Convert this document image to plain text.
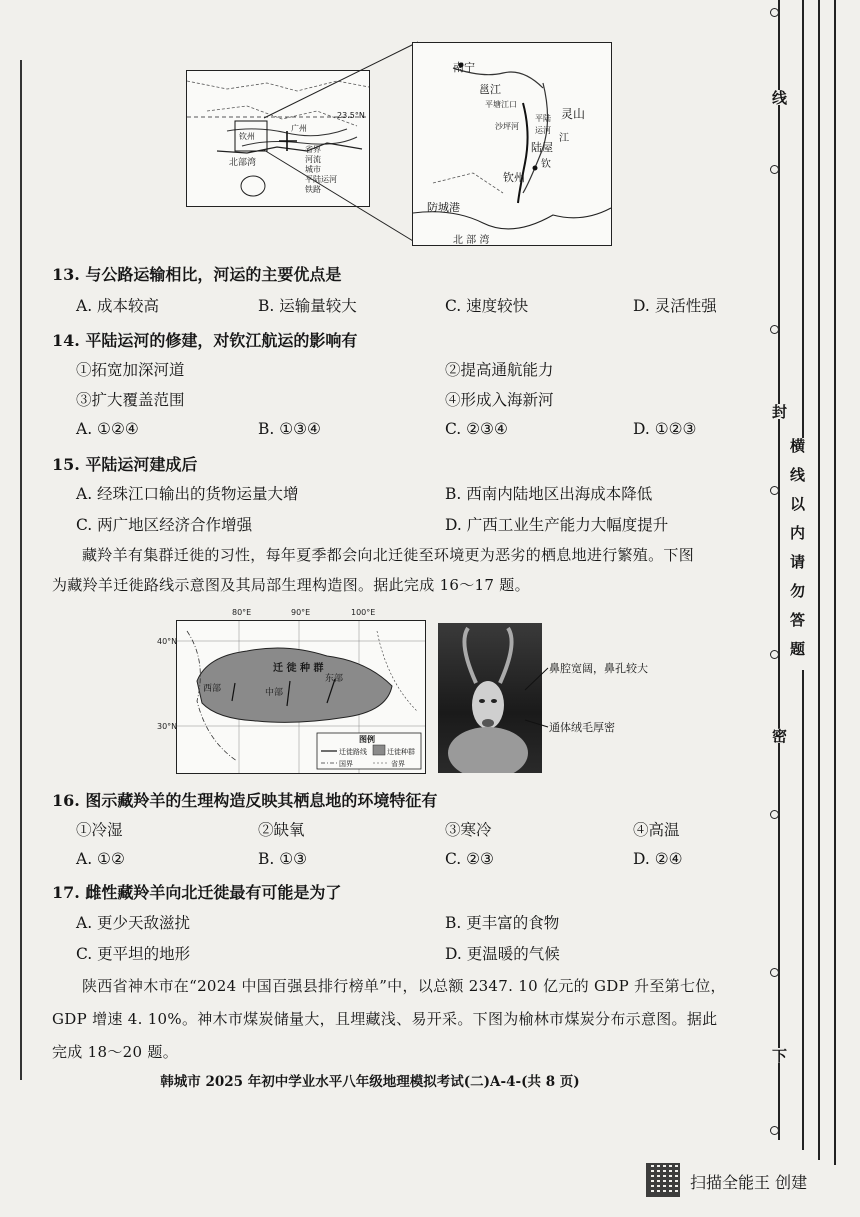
23.5°N
北部湾
钦州
广州
省界
河流
城市
平陆运河
铁路
南宁
邕江
平塘江口
沙坪河
平陆
运河
灵山
江
钦
陆屋
钦州
防城港
北 部 湾
13. 与公路运输相比，河运的主要优点是
A. 成本较高	B. 运输量较大	C. 速度较快	D. 灵活性强
14. 平陆运河的修建，对钦江航运的影响有
①拓宽加深河道	②提高通航能力
③扩大覆盖范围	④形成入海新河
A. ①②④	B. ①③④	C. ②③④	D. ①②③
15. 平陆运河建成后
A. 经珠江口输出的货物运量大增	B. 西南内陆地区出海成本降低
C. 两广地区经济合作增强	D. 广西工业生产能力大幅度提升
藏羚羊有集群迁徙的习性，每年夏季都会向北迁徙至环境更为恶劣的栖息地进行繁殖。下图
为藏羚羊迁徙路线示意图及其局部生理构造图。据此完成 16～17 题。
80°E	90°E	100°E
40°N
30°N
迁 徙 种 群
西部	中部
东部
图例
迁徙路线	迁徙种群
国界	省界
鼻腔宽阔，鼻孔较大
通体绒毛厚密
16. 图示藏羚羊的生理构造反映其栖息地的环境特征有
①冷湿	②缺氧	③寒冷	④高温
A. ①②	B. ①③	C. ②③	D. ②④
17. 雌性藏羚羊向北迁徙最有可能是为了
A. 更少天敌滋扰	B. 更丰富的食物
C. 更平坦的地形	D. 更温暖的气候
陕西省神木市在“2024 中国百强县排行榜单”中，以总额 2347. 10 亿元的 GDP 升至第七位，
GDP 增速 4. 10%。神木市煤炭储量大，且埋藏浅、易开采。下图为榆林市煤炭分布示意图。据此
完成 18～20 题。
韩城市 2025 年初中学业水平八年级地理模拟考试(二)A-4-(共 8 页)
线
封
密
下
横线以内请勿答题
扫描全能王 创建
